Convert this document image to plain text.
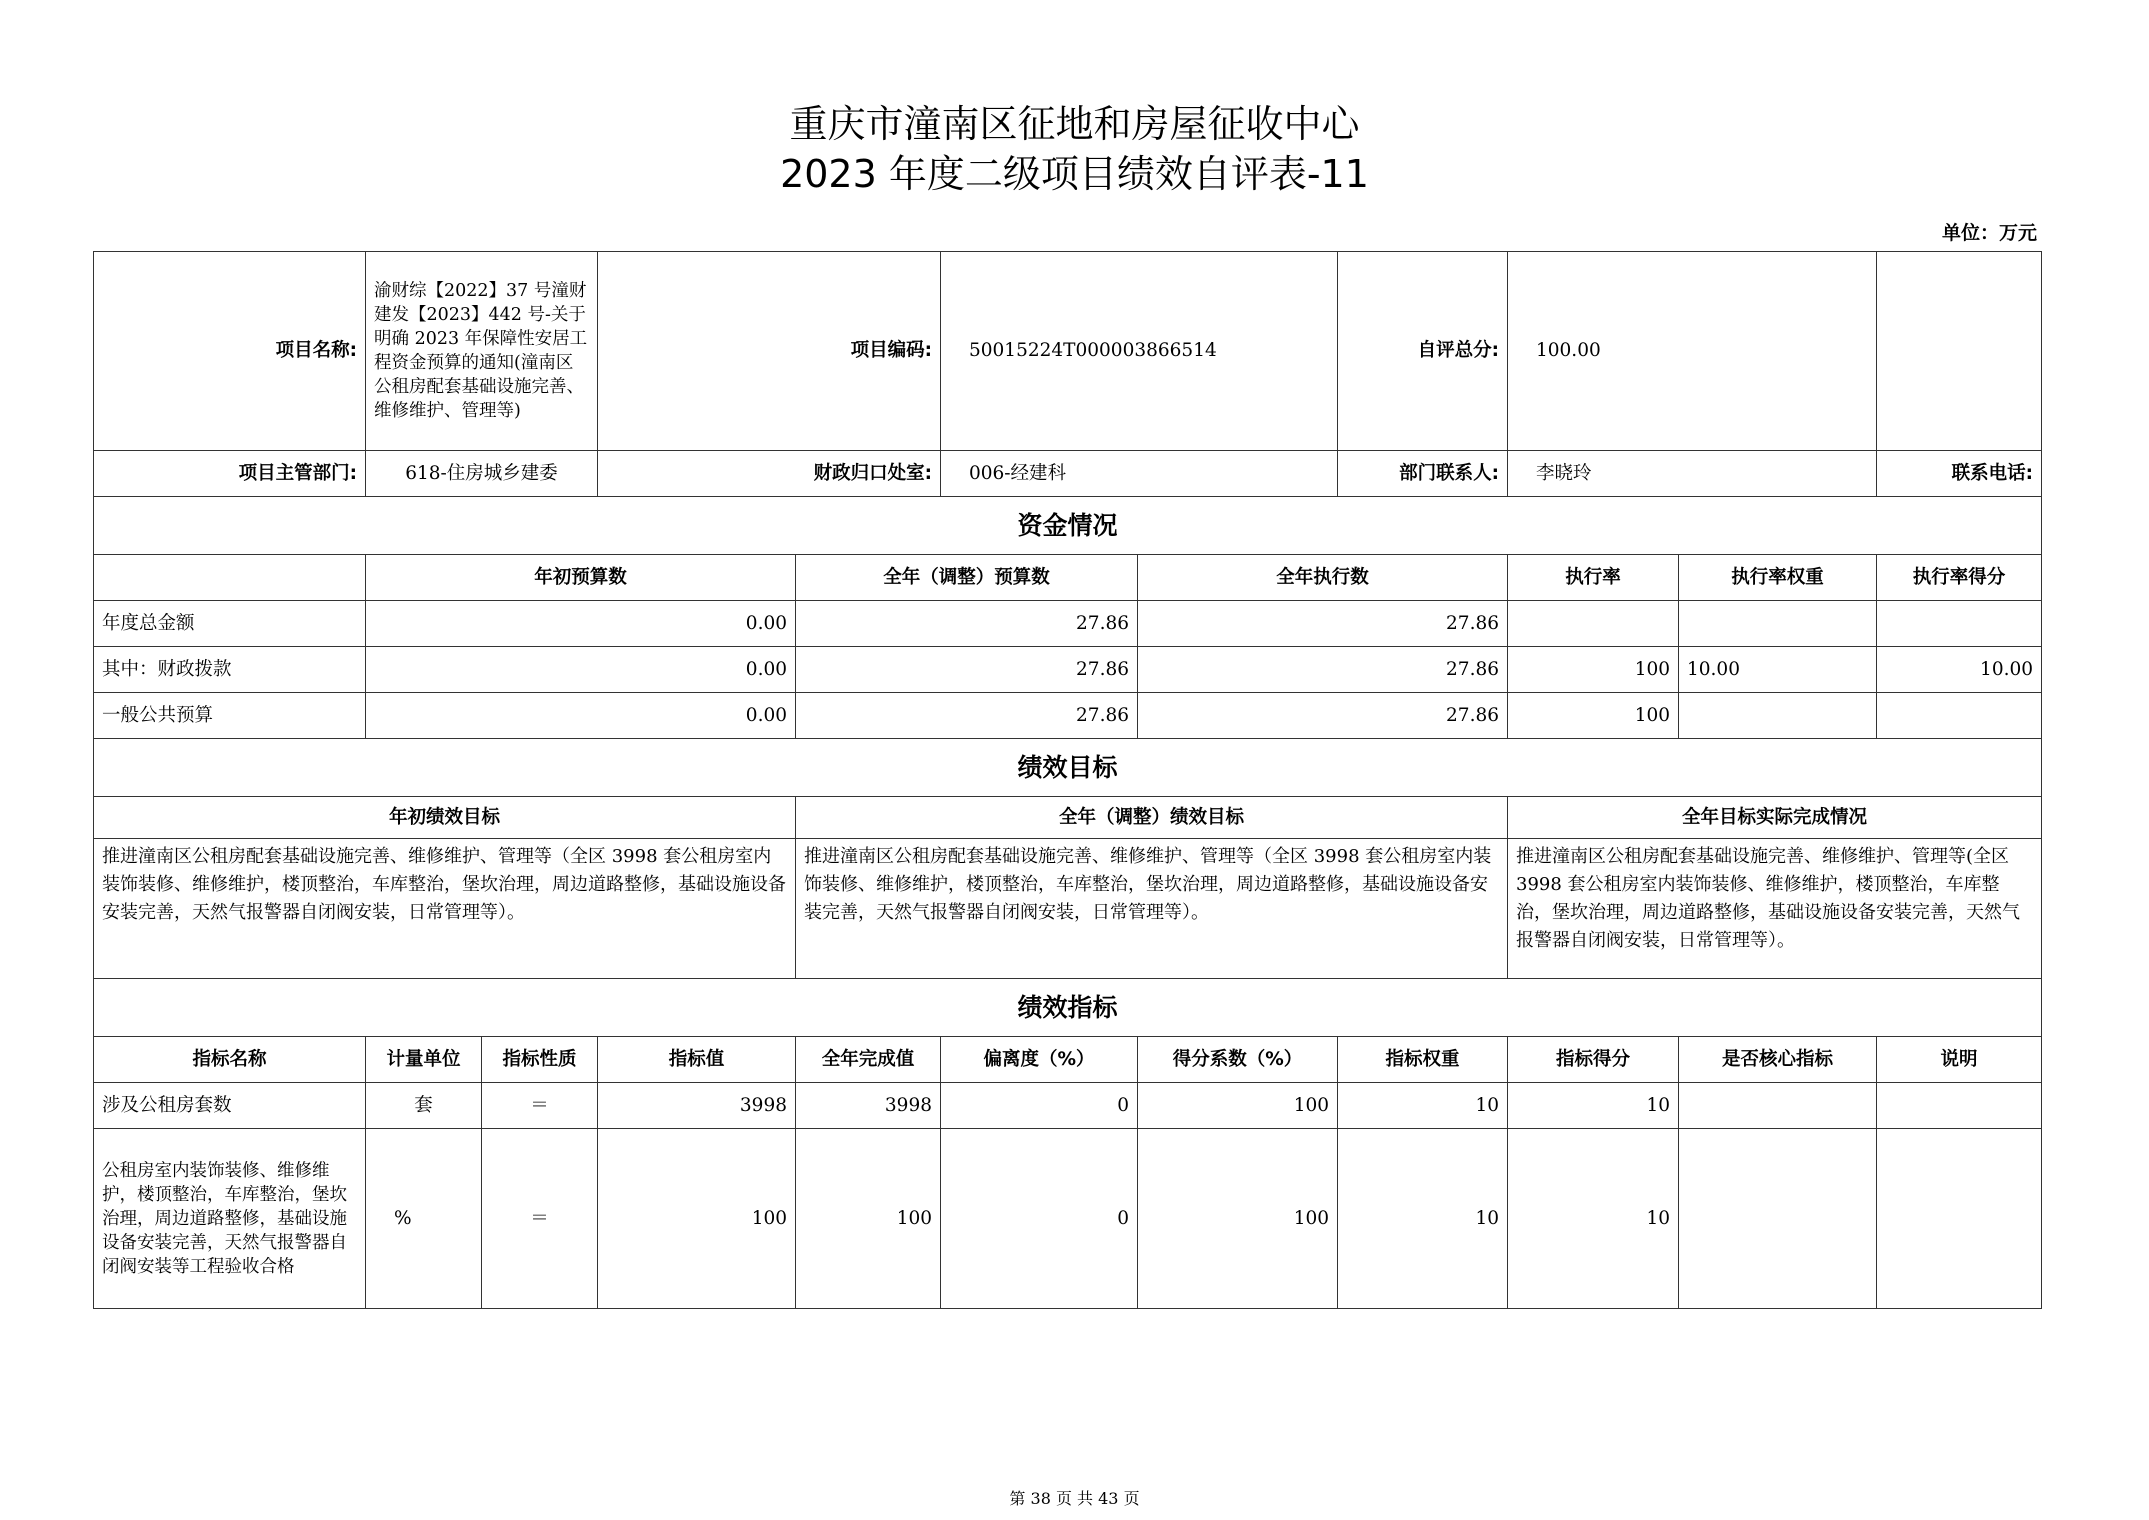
重庆市潼南区征地和房屋征收中心
2023 年度二级项目绩效自评表-11
单位：万元
项目名称:	渝财综【2022】37 号潼财建发【2023】442 号-关于明确 2023 年保障性安居工程资金预算的通知(潼南区公租房配套基础设施完善、维修维护、管理等)		项目编码:		50015224T000003866514		自评总分:	100.00			
项目主管部门:	618-住房城乡建委		财政归口处室:		006-经建科		部门联系人:	李晓玲		联系电话:	
资金情况											
	年初预算数			全年（调整）预算数		全年执行数		执行率	执行率权重	执行率得分	
年度总金额	0.00			27.86		27.86					
其中：财政拨款	0.00			27.86		27.86		100	10.00	10.00	
一般公共预算	0.00			27.86		27.86		100			
绩效目标											
年初绩效目标				全年（调整）绩效目标				全年目标实际完成情况			
推进潼南区公租房配套基础设施完善、维修维护、管理等（全区 3998 套公租房室内装饰装修、维修维护，楼顶整治，车库整治，堡坎治理，周边道路整修，基础设施设备安装完善，天然气报警器自闭阀安装，日常管理等）。				推进潼南区公租房配套基础设施完善、维修维护、管理等（全区 3998 套公租房室内装饰装修、维修维护，楼顶整治，车库整治，堡坎治理，周边道路整修，基础设施设备安装完善，天然气报警器自闭阀安装，日常管理等）。				推进潼南区公租房配套基础设施完善、维修维护、管理等(全区 3998 套公租房室内装饰装修、维修维护，楼顶整治，车库整治，堡坎治理，周边道路整修，基础设施设备安装完善，天然气报警器自闭阀安装，日常管理等）。			
绩效指标											
指标名称	计量单位	指标性质	指标值	全年完成值	偏离度（%）	得分系数（%）	指标权重	指标得分	是否核心指标	说明	
涉及公租房套数	套	＝	3998	3998	0	100	10	10			
公租房室内装饰装修、维修维护，楼顶整治，车库整治，堡坎治理，周边道路整修，基础设施设备安装完善，天然气报警器自闭阀安装等工程验收合格	%	＝	100	100	0	100	10	10			
第 38 页 共 43 页
